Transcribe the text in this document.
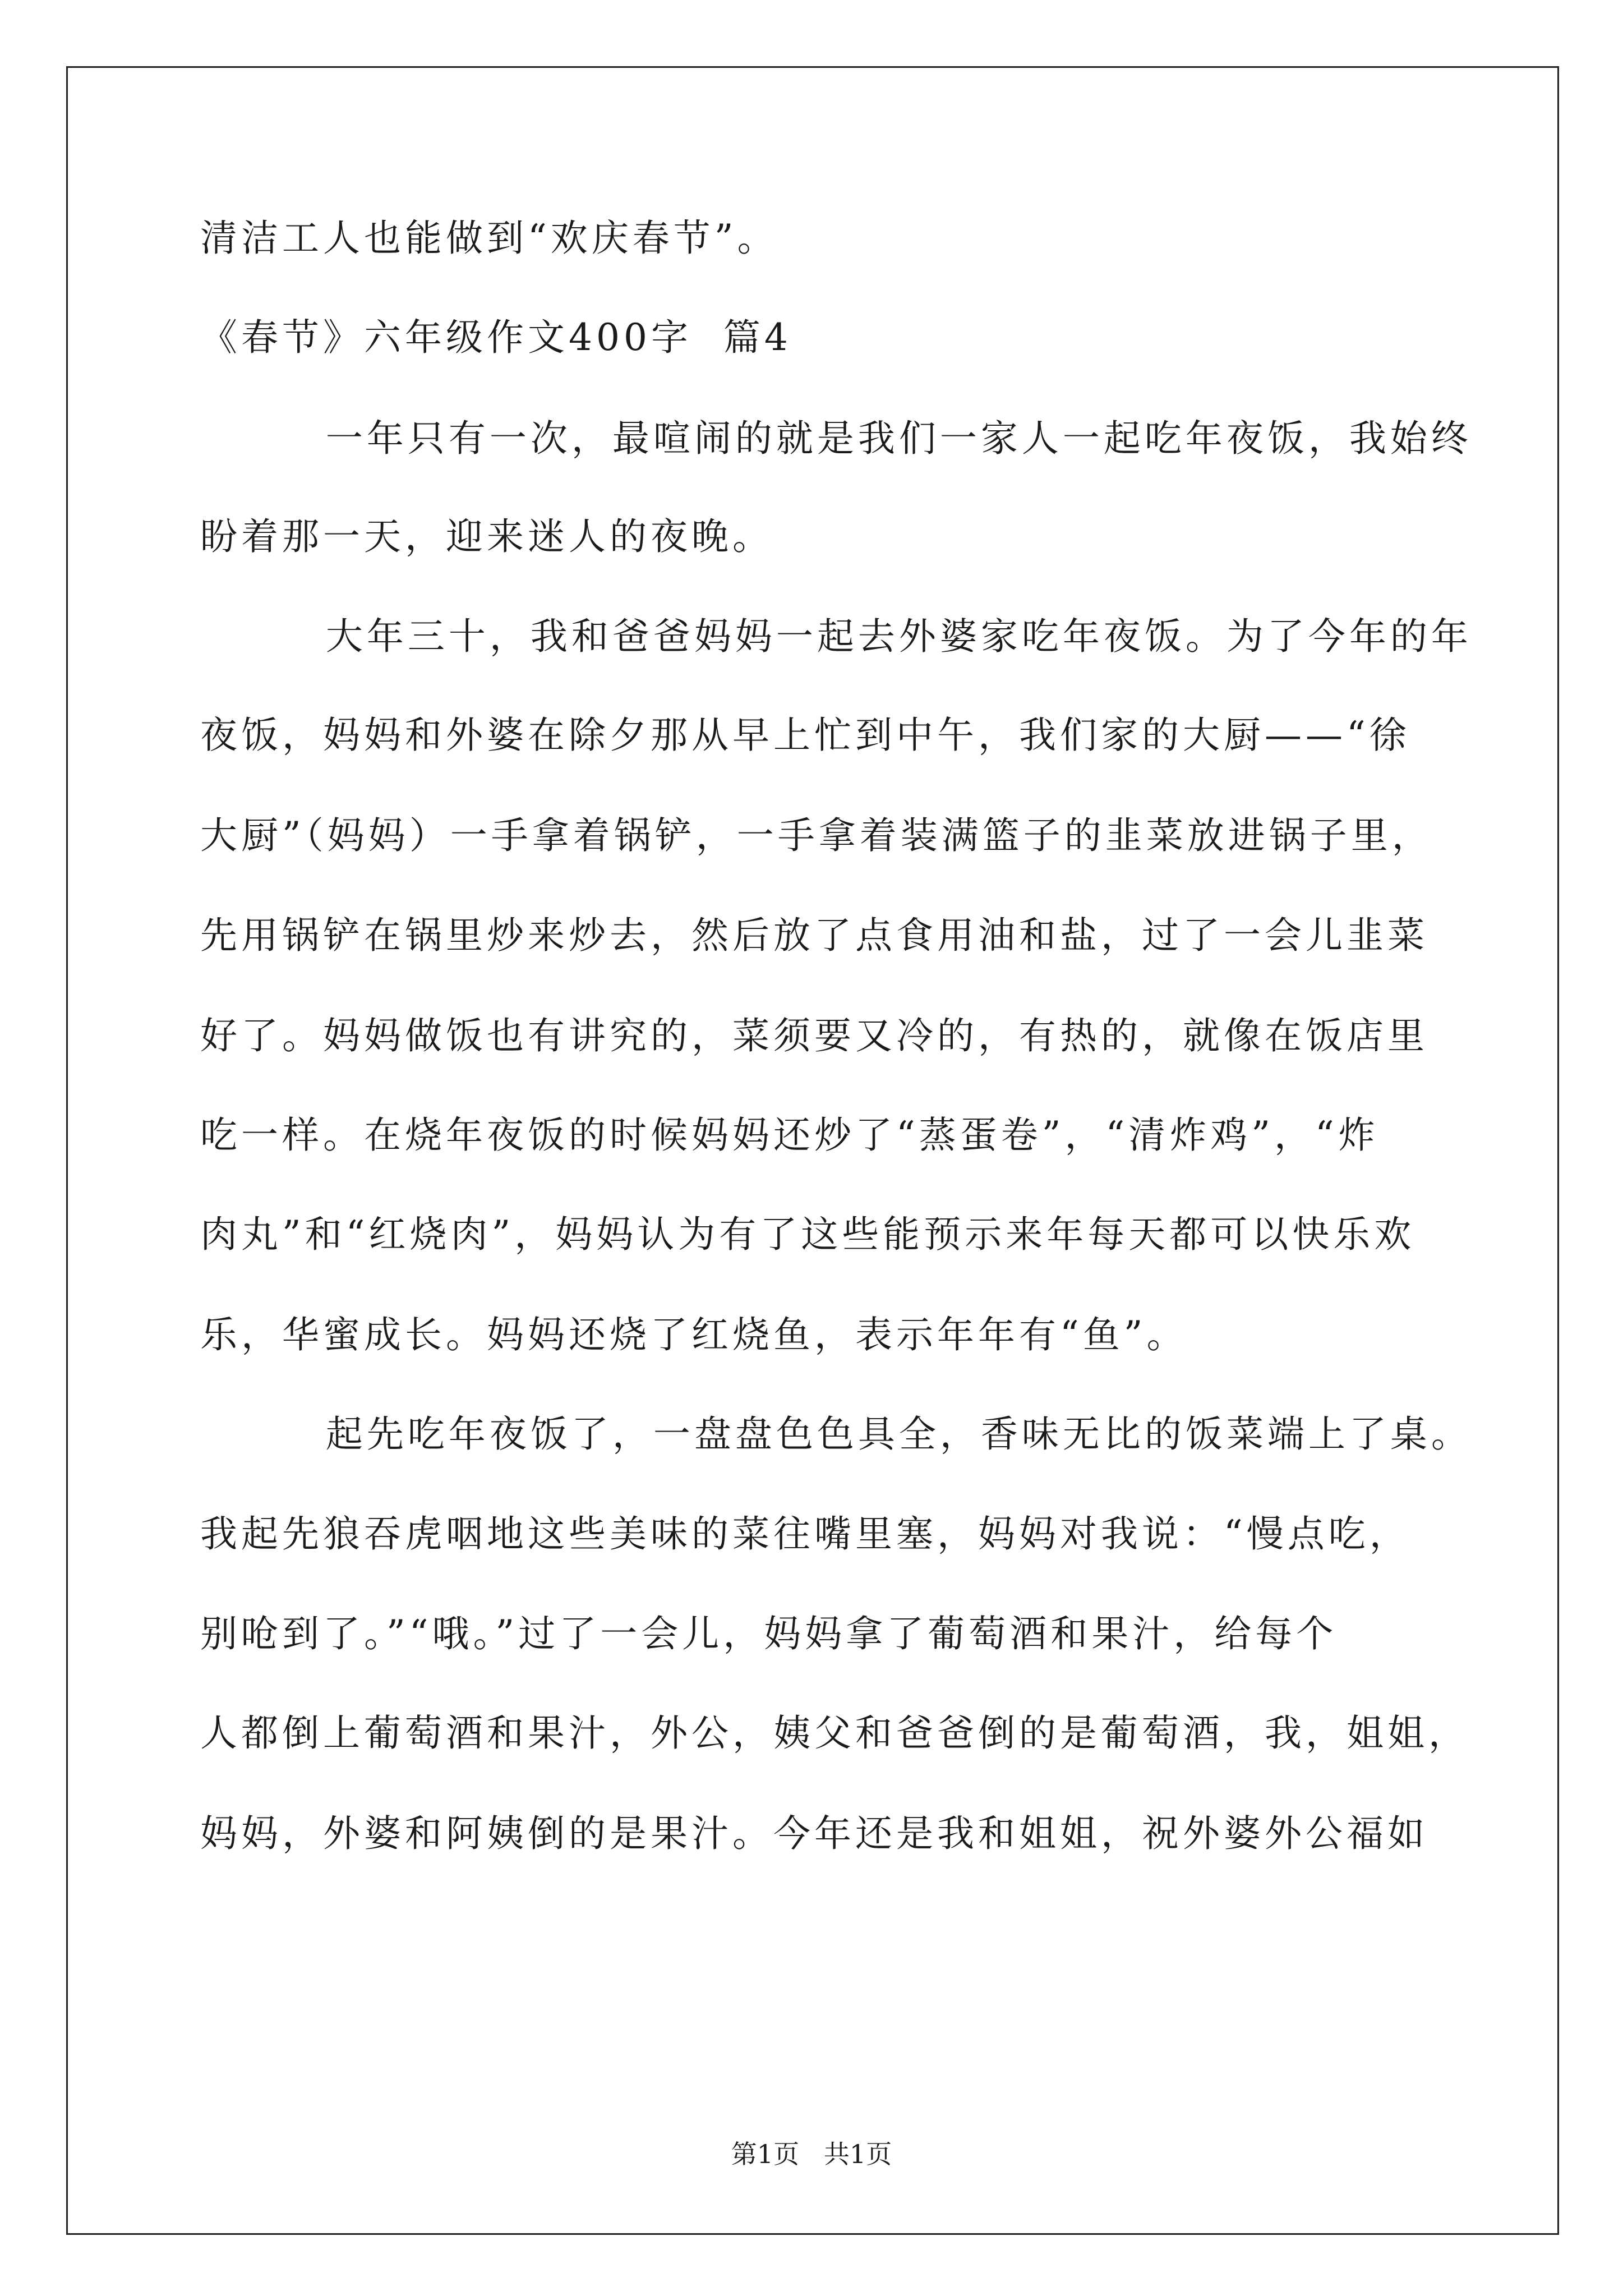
清洁工人也能做到“欢庆春节”。
《春节》六年级作文400字  篇4
一年只有一次，最喧闹的就是我们一家人一起吃年夜饭，我始终
盼着那一天，迎来迷人的夜晚。
大年三十，我和爸爸妈妈一起去外婆家吃年夜饭。为了今年的年
夜饭，妈妈和外婆在除夕那从早上忙到中午，我们家的大厨——“徐
大厨”（妈妈）一手拿着锅铲，一手拿着装满篮子的韭菜放进锅子里，
先用锅铲在锅里炒来炒去，然后放了点食用油和盐，过了一会儿韭菜
好了。妈妈做饭也有讲究的，菜须要又冷的，有热的，就像在饭店里
吃一样。在烧年夜饭的时候妈妈还炒了“蒸蛋卷”，“清炸鸡”，“炸
肉丸”和“红烧肉”，妈妈认为有了这些能预示来年每天都可以快乐欢
乐，华蜜成长。妈妈还烧了红烧鱼，表示年年有“鱼”。
起先吃年夜饭了，一盘盘色色具全，香味无比的饭菜端上了桌。
我起先狼吞虎咽地这些美味的菜往嘴里塞，妈妈对我说：“慢点吃，
别呛到了。”“哦。”过了一会儿，妈妈拿了葡萄酒和果汁，给每个
人都倒上葡萄酒和果汁，外公，姨父和爸爸倒的是葡萄酒，我，姐姐，
妈妈，外婆和阿姨倒的是果汁。今年还是我和姐姐，祝外婆外公福如
第1页   共1页
